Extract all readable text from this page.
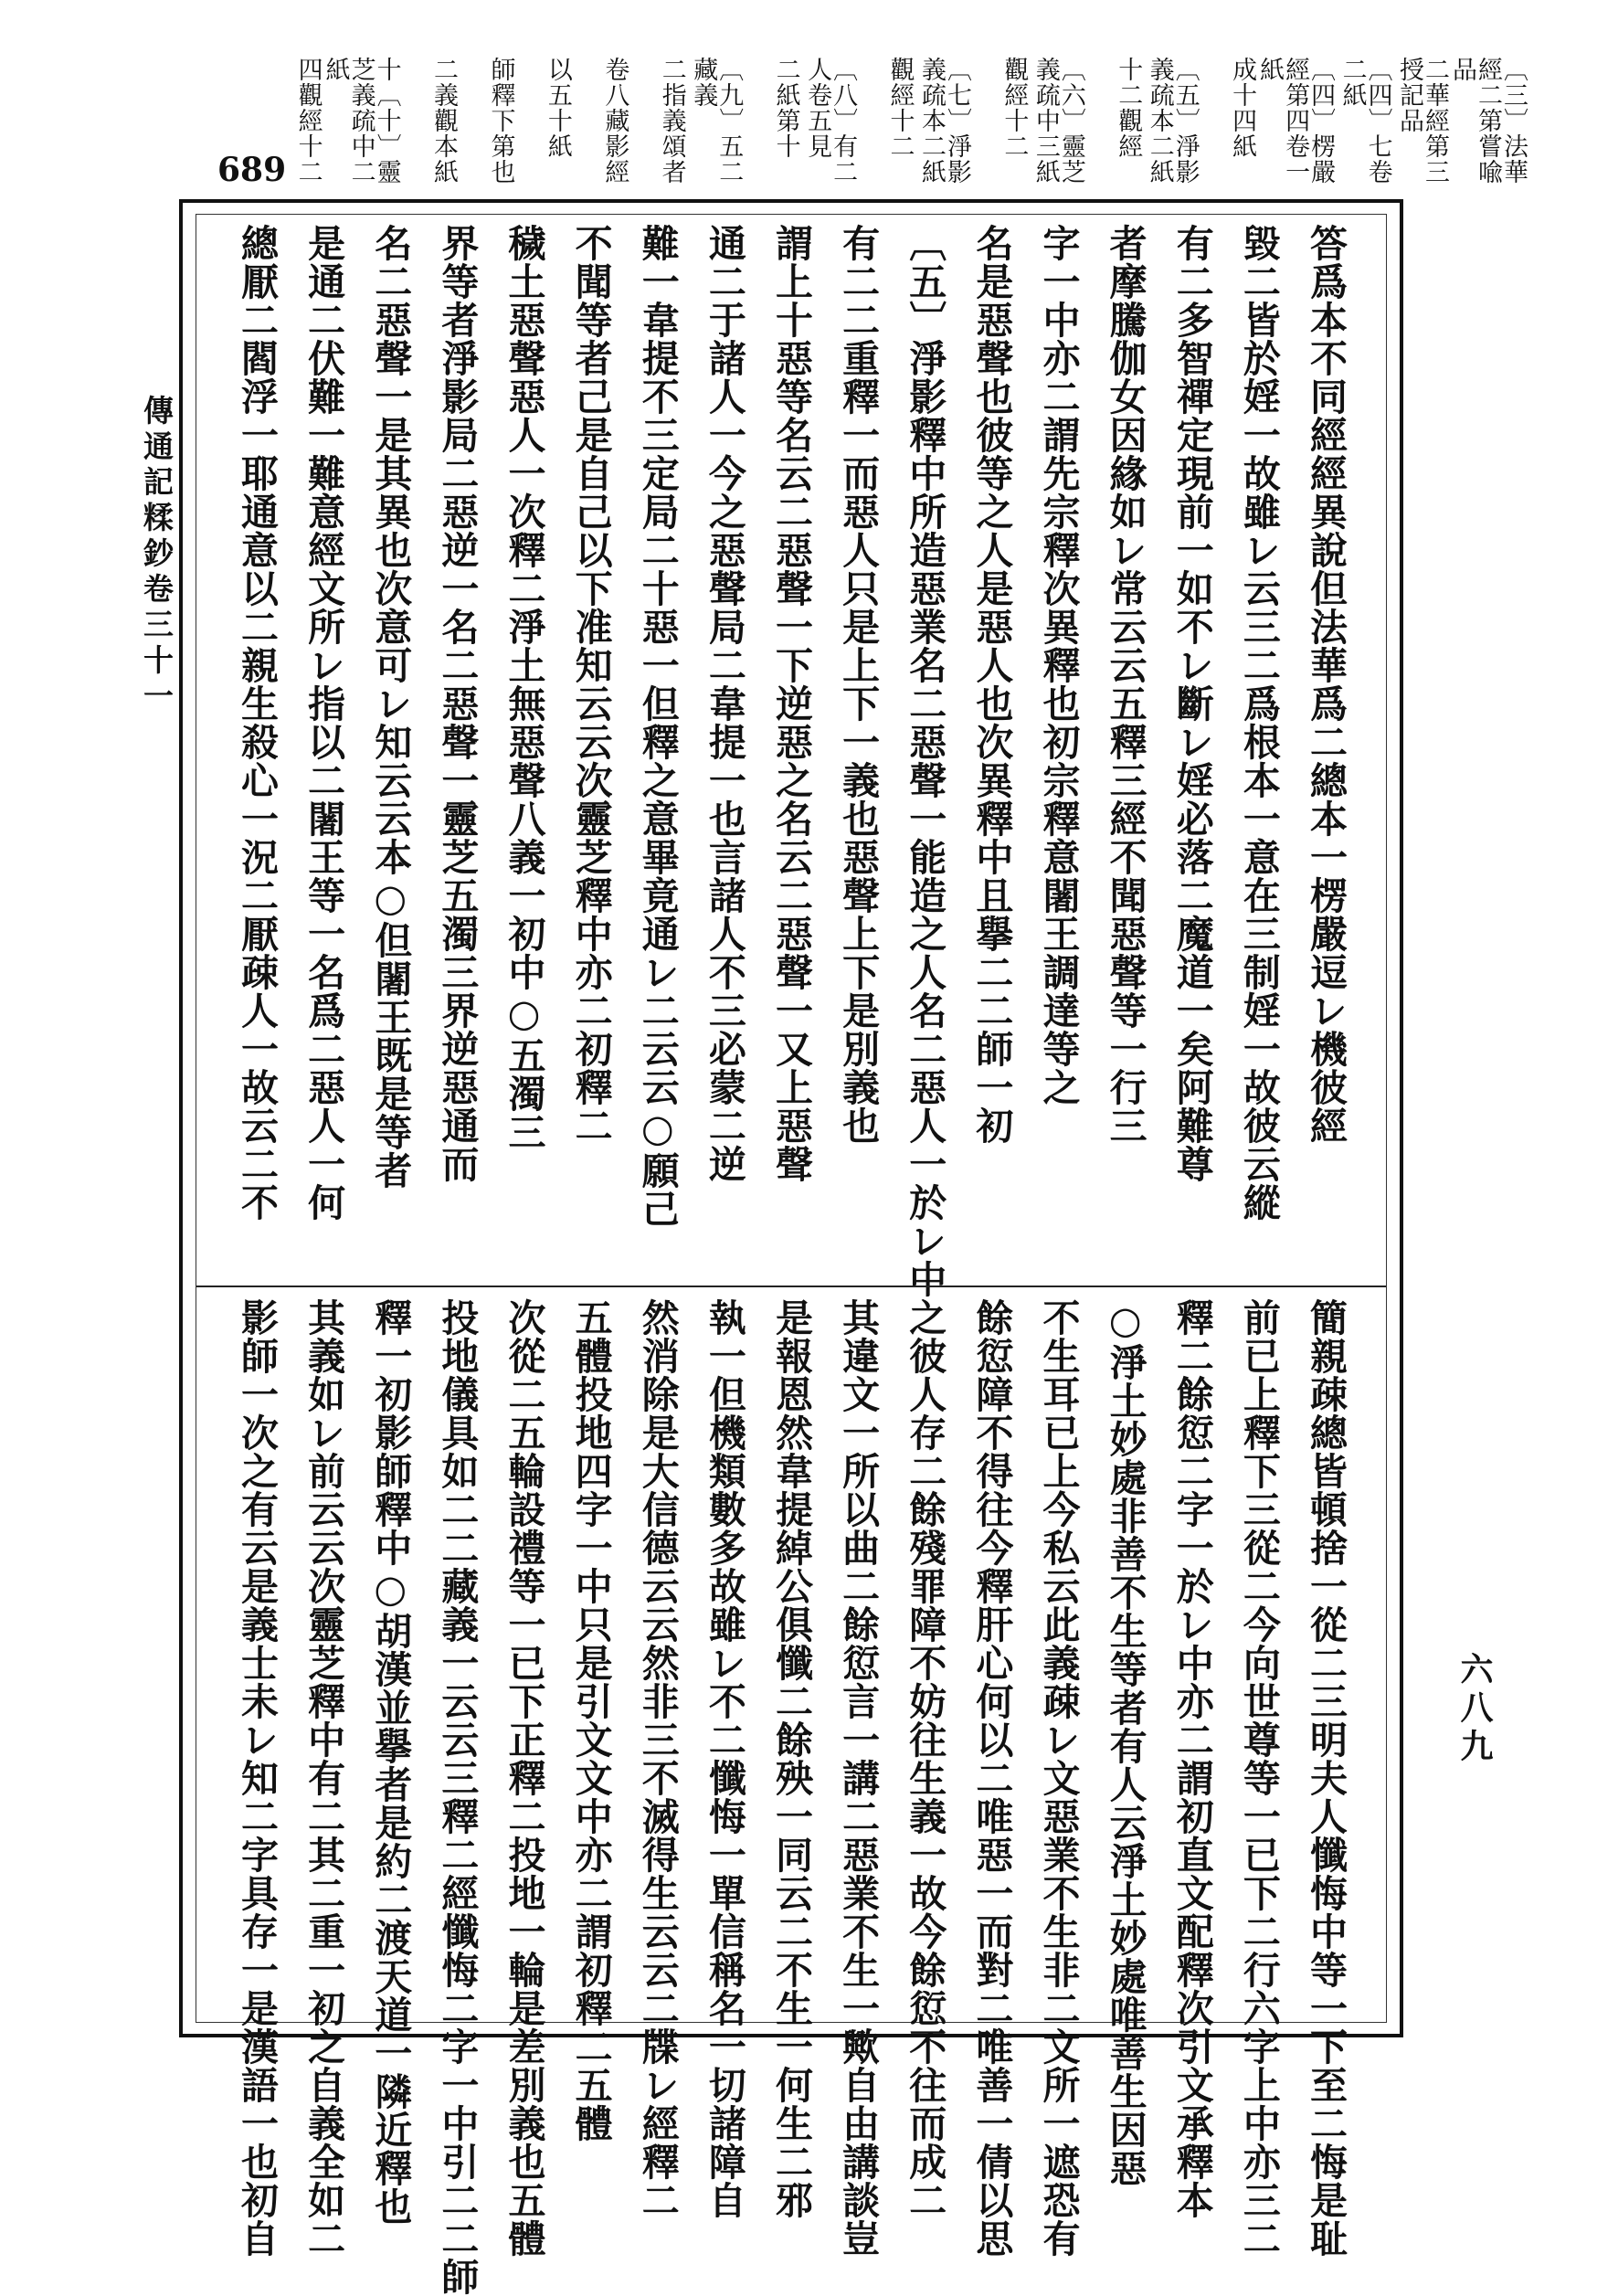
〔三〕法華經二第嘗喩品
二華經第三授記品
〔四〕七卷二紙
〔四〕楞嚴經第四卷一紙
成十四紙
〔五〕淨影義疏本二紙
十二觀經
〔六〕靈芝義疏中三紙
觀經十二
〔七〕淨影義疏本二紙
觀經十二
〔八〕有二人卷五見
二紙第十
〔九〕五二藏義
二指義頌者
卷八藏影經
以五十紙
師釋下第也
二義觀本紙
十〔十〕靈芝義疏中二紙
四觀經十二
689
答爲本不同經經異說但法華爲二總本一楞嚴逗レ機彼經
毀二皆於婬一故雖レ云三二爲根本一意在三制婬一故彼云縱
有二多智禪定現前一如不レ斷レ婬必落二魔道一矣阿難尊
者摩騰伽女因緣如レ常云云五釋三經不聞惡聲等一行三
字一中亦二謂先宗釋次異釋也初宗釋意闍王調達等之
名是惡聲也彼等之人是惡人也次異釋中且擧二二師一初
〔五〕淨影釋中所造惡業名二惡聲一能造之人名二惡人一於レ中
有二二重釋一而惡人只是上下一義也惡聲上下是別義也
謂上十惡等名云二惡聲一下逆惡之名云二惡聲一又上惡聲
通二于諸人一今之惡聲局二韋提一也言諸人不三必蒙二逆
難一韋提不三定局二十惡一但釋之意畢竟通レ二云云○願己
不聞等者己是自己以下准知云云次靈芝釋中亦二初釋二
穢土惡聲惡人一次釋二淨土無惡聲八義一初中○五濁三
界等者淨影局二惡逆一名二惡聲一靈芝五濁三界逆惡通而
名二惡聲一是其異也次意可レ知云云本○但闍王既是等者
是通二伏難一難意經文所レ指以二闍王等一名爲二惡人一何
總厭二閻浮一耶通意以二親生殺心一況二厭疎人一故云二不
簡親疎總皆頓捨一從二三明夫人懺悔中等一下至二悔是耻
前已上釋下三從二今向世尊等一已下二行六字上中亦三二
釋二餘愆二字一於レ中亦二謂初直文配釋次引文承釋本
○淨土妙處非善不生等者有人云淨土妙處唯善生因惡
不生耳已上今私云此義疎レ文惡業不生非二文所一遮恐有
餘愆障不得往今釋肝心何以二唯惡一而對二唯善一倩以思
之彼人存二餘殘罪障不妨往生義一故今餘愆不往而成二
其違文一所以曲二餘愆言一講二惡業不生一歟自由講談豈
是報恩然韋提綽公俱懺二餘殃一同云二不生一何生二邪
執一但機類數多故雖レ不二懺悔一單信稱名一切諸障自
然消除是大信德云云然非三不滅得生云云二牒レ經釋二
五體投地四字一中只是引文文中亦二謂初釋二五體
次從二五輪設禮等一已下正釋二投地一輪是差別義也五體
投地儀具如二二藏義一云云三釋二經懺悔二字一中引二二師
釋一初影師釋中○胡漢並擧者是約二渡天道一隣近釋也
其義如レ前云云次靈芝釋中有二其二重一初之自義全如二
影師一次之有云是義士未レ知二字具存一是漢語一也初自
傳通記糅鈔卷三十一
六八九
